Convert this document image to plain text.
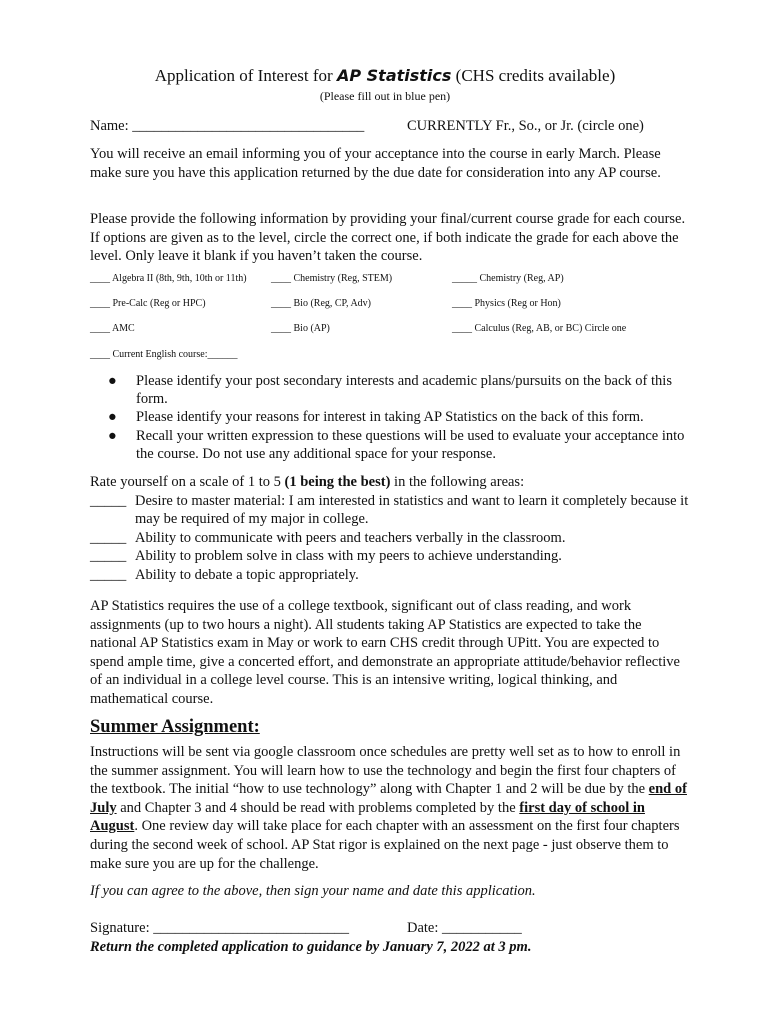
Application of Interest for AP Statistics (CHS credits available)
(Please fill out in blue pen)
Name: ________________________________	CURRENTLY Fr., So., or Jr. (circle one)
You will receive an email informing you of your acceptance into the course in early March. Please make sure you have this application returned by the due date for consideration into any AP course.
Please provide the following information by providing your final/current course grade for each course. If options are given as to the level, circle the correct one, if both indicate the grade for each above the level. Only leave it blank if you haven’t taken the course.
____ Algebra II (8th, 9th, 10th or 11th) ____ Chemistry (Reg, STEM)	_____ Chemistry (Reg, AP)
____ Pre-Calc (Reg or HPC)	____ Bio (Reg, CP, Adv)	____ Physics (Reg or Hon)
____ AMC	____ Bio (AP)	____ Calculus (Reg, AB, or BC) Circle one
____ Current English course:______
● Please identify your post secondary interests and academic plans/pursuits on the back of this form.
● Please identify your reasons for interest in taking AP Statistics on the back of this form.
● Recall your written expression to these questions will be used to evaluate your acceptance into the course. Do not use any additional space for your response.
Rate yourself on a scale of 1 to 5 (1 being the best) in the following areas:
_____ Desire to master material: I am interested in statistics and want to learn it completely because it may be required of my major in college.
_____ Ability to communicate with peers and teachers verbally in the classroom.
_____ Ability to problem solve in class with my peers to achieve understanding.
_____ Ability to debate a topic appropriately.
AP Statistics requires the use of a college textbook, significant out of class reading, and work assignments (up to two hours a night). All students taking AP Statistics are expected to take the national AP Statistics exam in May or work to earn CHS credit through UPitt. You are expected to spend ample time, give a concerted effort, and demonstrate an appropriate attitude/behavior reflective of an individual in a college level course. This is an intensive writing, logical thinking, and mathematical course.
Summer Assignment:
Instructions will be sent via google classroom once schedules are pretty well set as to how to enroll in the summer assignment. You will learn how to use the technology and begin the first four chapters of the textbook. The initial “how to use technology” along with Chapter 1 and 2 will be due by the end of July and Chapter 3 and 4 should be read with problems completed by the first day of school in August. One review day will take place for each chapter with an assessment on the first four chapters during the second week of school. AP Stat rigor is explained on the next page - just observe them to make sure you are up for the challenge.
If you can agree to the above, then sign your name and date this application.
Signature: ___________________________	Date: ___________
Return the completed application to guidance by January 7, 2022 at 3 pm.
